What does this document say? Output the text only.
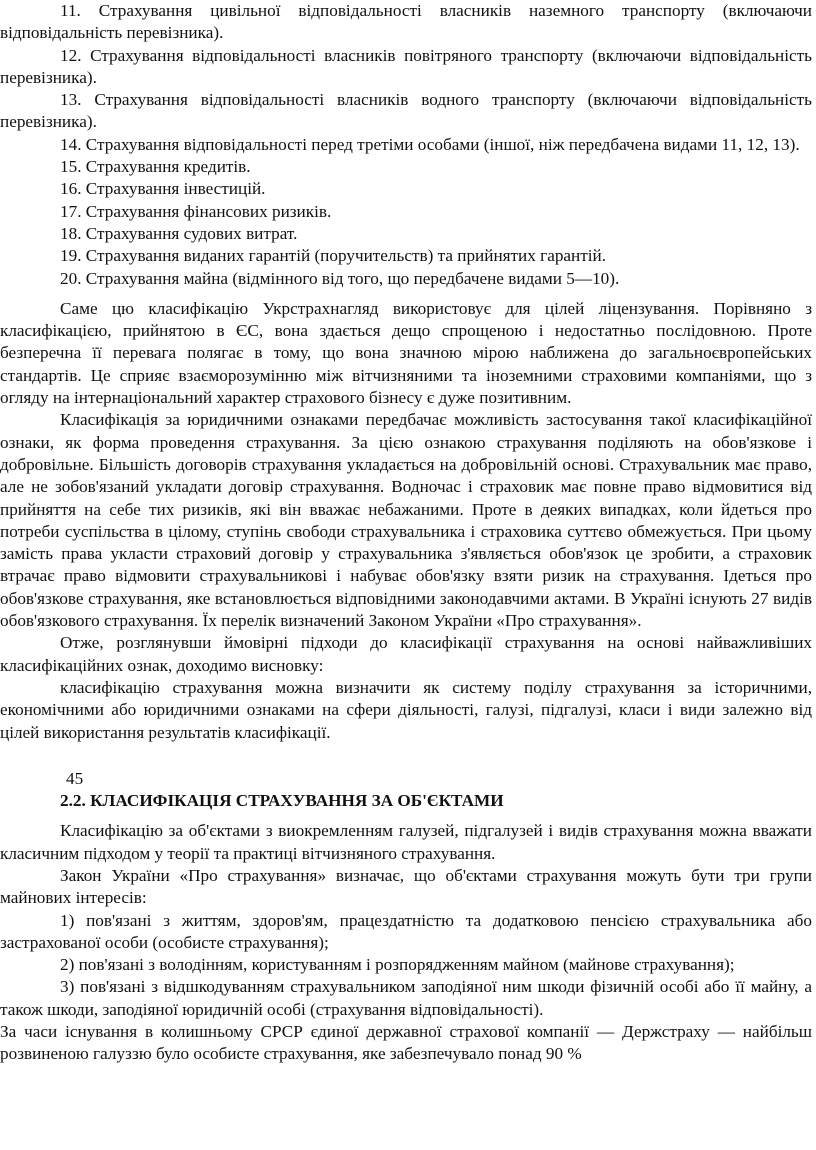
11. Страхування цивільної відповідальності власників наземного транспорту (включаючи відповідальність перевізника).

12. Страхування відповідальності власників повітряного транспорту (включаючи відповідальність перевізника).

13. Страхування відповідальності власників водного транспорту (включаючи відповідальність перевізника).

14. Страхування відповідальності перед третіми особами (іншої, ніж передбачена видами 11, 12, 13).

15. Страхування кредитів.

16. Страхування інвестицій.

17. Страхування фінансових ризиків.

18. Страхування судових витрат.

19. Страхування виданих гарантій (поручительств) та прийнятих гарантій.

20. Страхування майна (відмінного від того, що передбачене видами 5—10).

Саме цю класифікацію Укрстрахнагляд використовує для цілей ліцензування. Порівняно з класифікацією, прийнятою в ЄС, вона здається дещо спрощеною і недостатньо послідовною. Проте безперечна її перевага полягає в тому, що вона значною мірою наближена до загальноєвропейських стандартів. Це сприяє взаєморозумінню між вітчизняними та іноземними страховими компаніями, що з огляду на інтернаціональний характер страхового бізнесу є дуже позитивним.

Класифікація за юридичними ознаками передбачає можливість застосування такої класифікаційної ознаки, як форма проведення страхування. За цією ознакою страхування поділяють на обов'язкове і добровільне. Більшість договорів страхування укладається на добровільній основі. Страхувальник має право, але не зобов'язаний укладати договір страхування. Водночас і страховик має повне право відмовитися від прийняття на себе тих ризиків, які він вважає небажаними. Проте в деяких випадках, коли йдеться про потреби суспільства в цілому, ступінь свободи страхувальника і страховика суттєво обмежується. При цьому замість права укласти страховий договір у страхувальника з'являється обов'язок це зробити, а страховик втрачає право відмовити страхувальникові і набуває обов'язку взяти ризик на страхування. Ідеться про обов'язкове страхування, яке встановлюється відповідними законодавчими актами. В Україні існують 27 видів обов'язкового страхування. Їх перелік визначений Законом України «Про страхування».

Отже, розглянувши ймовірні підходи до класифікації страхування на основі найважливіших класифікаційних ознак, доходимо висновку:

класифікацію страхування можна визначити як систему поділу страхування за історичними, економічними або юридичними ознаками на сфери діяльності, галузі, підгалузі, класи і види залежно від цілей використання результатів класифікації.

45

2.2. КЛАСИФІКАЦІЯ СТРАХУВАННЯ ЗА ОБ'ЄКТАМИ

Класифікацію за об'єктами з виокремленням галузей, підгалузей і видів страхування можна вважати класичним підходом у теорії та практиці вітчизняного страхування.

Закон України «Про страхування» визначає, що об'єктами страхування можуть бути три групи майнових інтересів:

1) пов'язані з життям, здоров'ям, працездатністю та додатковою пенсією страхувальника або застрахованої особи (особисте страхування);

2) пов'язані з володінням, користуванням і розпорядженням майном (майнове страхування);

3) пов'язані з відшкодуванням страхувальником заподіяної ним шкоди фізичній особі або її майну, а також шкоди, заподіяної юридичній особі (страхування відповідальності).

За часи існування в колишньому СРСР єдиної державної страхової компанії — Держстраху — найбільш розвиненою галуззю було особисте страхування, яке забезпечувало понад 90 %
